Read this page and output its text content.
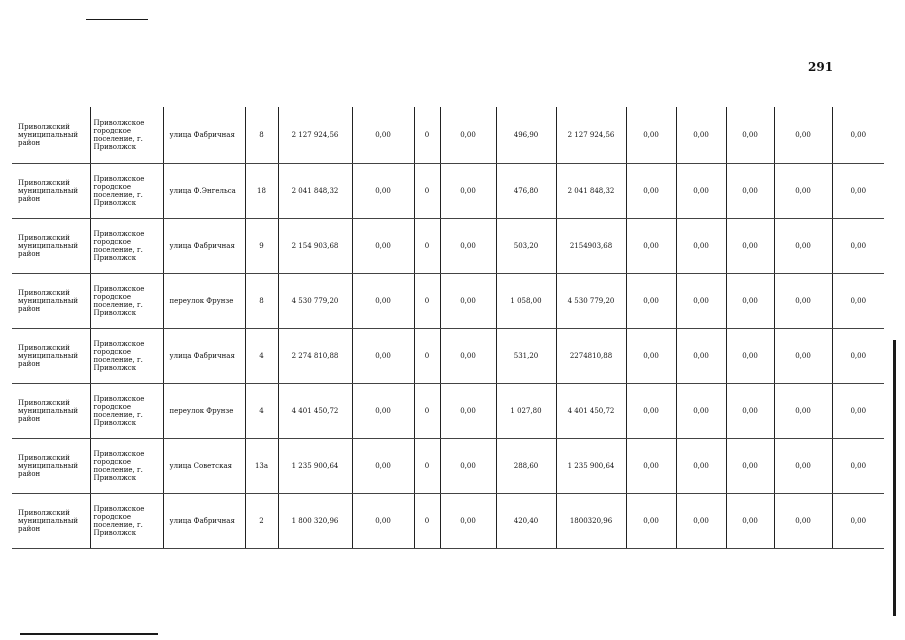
291
Приволжский муниципальный район	Приволжское городское поселение, г. Приволжск	улица Фабричная	8	2 127 924,56	0,00	0	0,00	496,90	2 127 924,56	0,00	0,00	0,00	0,00	0,00
Приволжский муниципальный район	Приволжское городское поселение, г. Приволжск	улица Ф.Энгельса	18	2 041 848,32	0,00	0	0,00	476,80	2 041 848,32	0,00	0,00	0,00	0,00	0,00
Приволжский муниципальный район	Приволжское городское поселение, г. Приволжск	улица Фабричная	9	2 154 903,68	0,00	0	0,00	503,20	2154903,68	0,00	0,00	0,00	0,00	0,00
Приволжский муниципальный район	Приволжское городское поселение, г. Приволжск	переулок Фрунзе	8	4 530 779,20	0,00	0	0,00	1 058,00	4 530 779,20	0,00	0,00	0,00	0,00	0,00
Приволжский муниципальный район	Приволжское городское поселение, г. Приволжск	улица Фабричная	4	2 274 810,88	0,00	0	0,00	531,20	2274810,88	0,00	0,00	0,00	0,00	0,00
Приволжский муниципальный район	Приволжское городское поселение, г. Приволжск	переулок Фрунзе	4	4 401 450,72	0,00	0	0,00	1 027,80	4 401 450,72	0,00	0,00	0,00	0,00	0,00
Приволжский муниципальный район	Приволжское городское поселение, г. Приволжск	улица Советская	13а	1 235 900,64	0,00	0	0,00	288,60	1 235 900,64	0,00	0,00	0,00	0,00	0,00
Приволжский муниципальный район	Приволжское городское поселение, г. Приволжск	улица Фабричная	2	1 800 320,96	0,00	0	0,00	420,40	1800320,96	0,00	0,00	0,00	0,00	0,00
